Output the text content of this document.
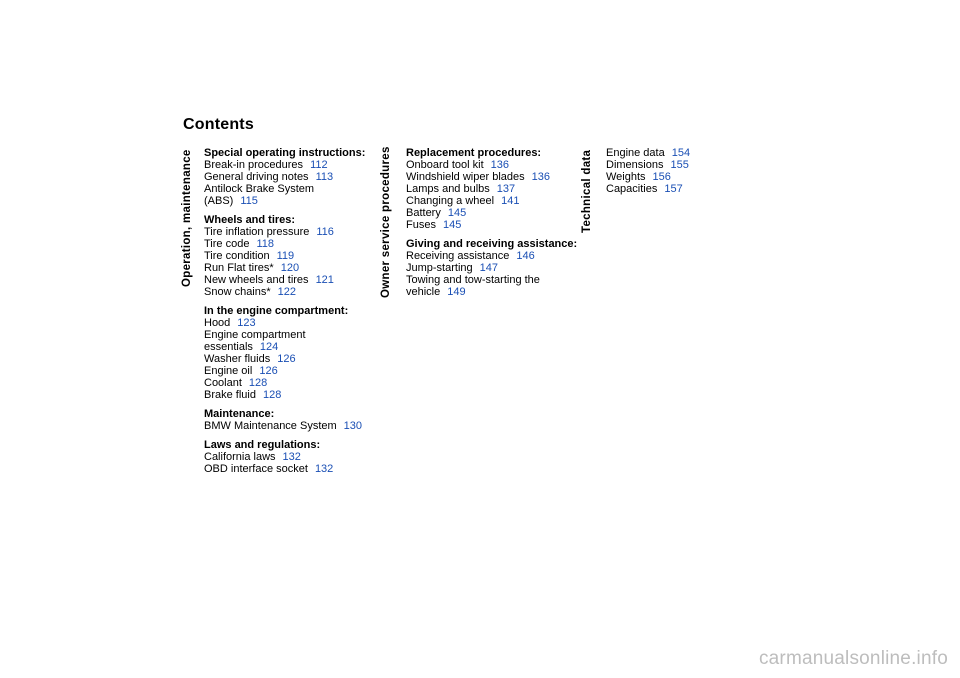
Contents
Operation, maintenance Special operating instructions:
Break-in procedures 112
General driving notes 113
Antilock Brake System
(ABS) 115
Wheels and tires:
Tire inflation pressure 116
Tire code 118
Tire condition 119
Run Flat tires* 120
New wheels and tires 121
Snow chains* 122
In the engine compartment:
Hood 123
Engine compartment
essentials 124
Washer fluids 126
Engine oil 126
Coolant 128
Brake fluid 128
Maintenance:
BMW Maintenance System 130
Laws and regulations:
California laws 132
OBD interface socket 132
Owner service procedures Replacement procedures:
Onboard tool kit 136
Windshield wiper blades 136
Lamps and bulbs 137
Changing a wheel 141
Battery 145
Fuses 145
Giving and receiving assistance:
Receiving assistance 146
Jump-starting 147
Towing and tow-starting the
vehicle 149
Technical data Engine data 154
Dimensions 155
Weights 156
Capacities 157
carmanualsonline.info
